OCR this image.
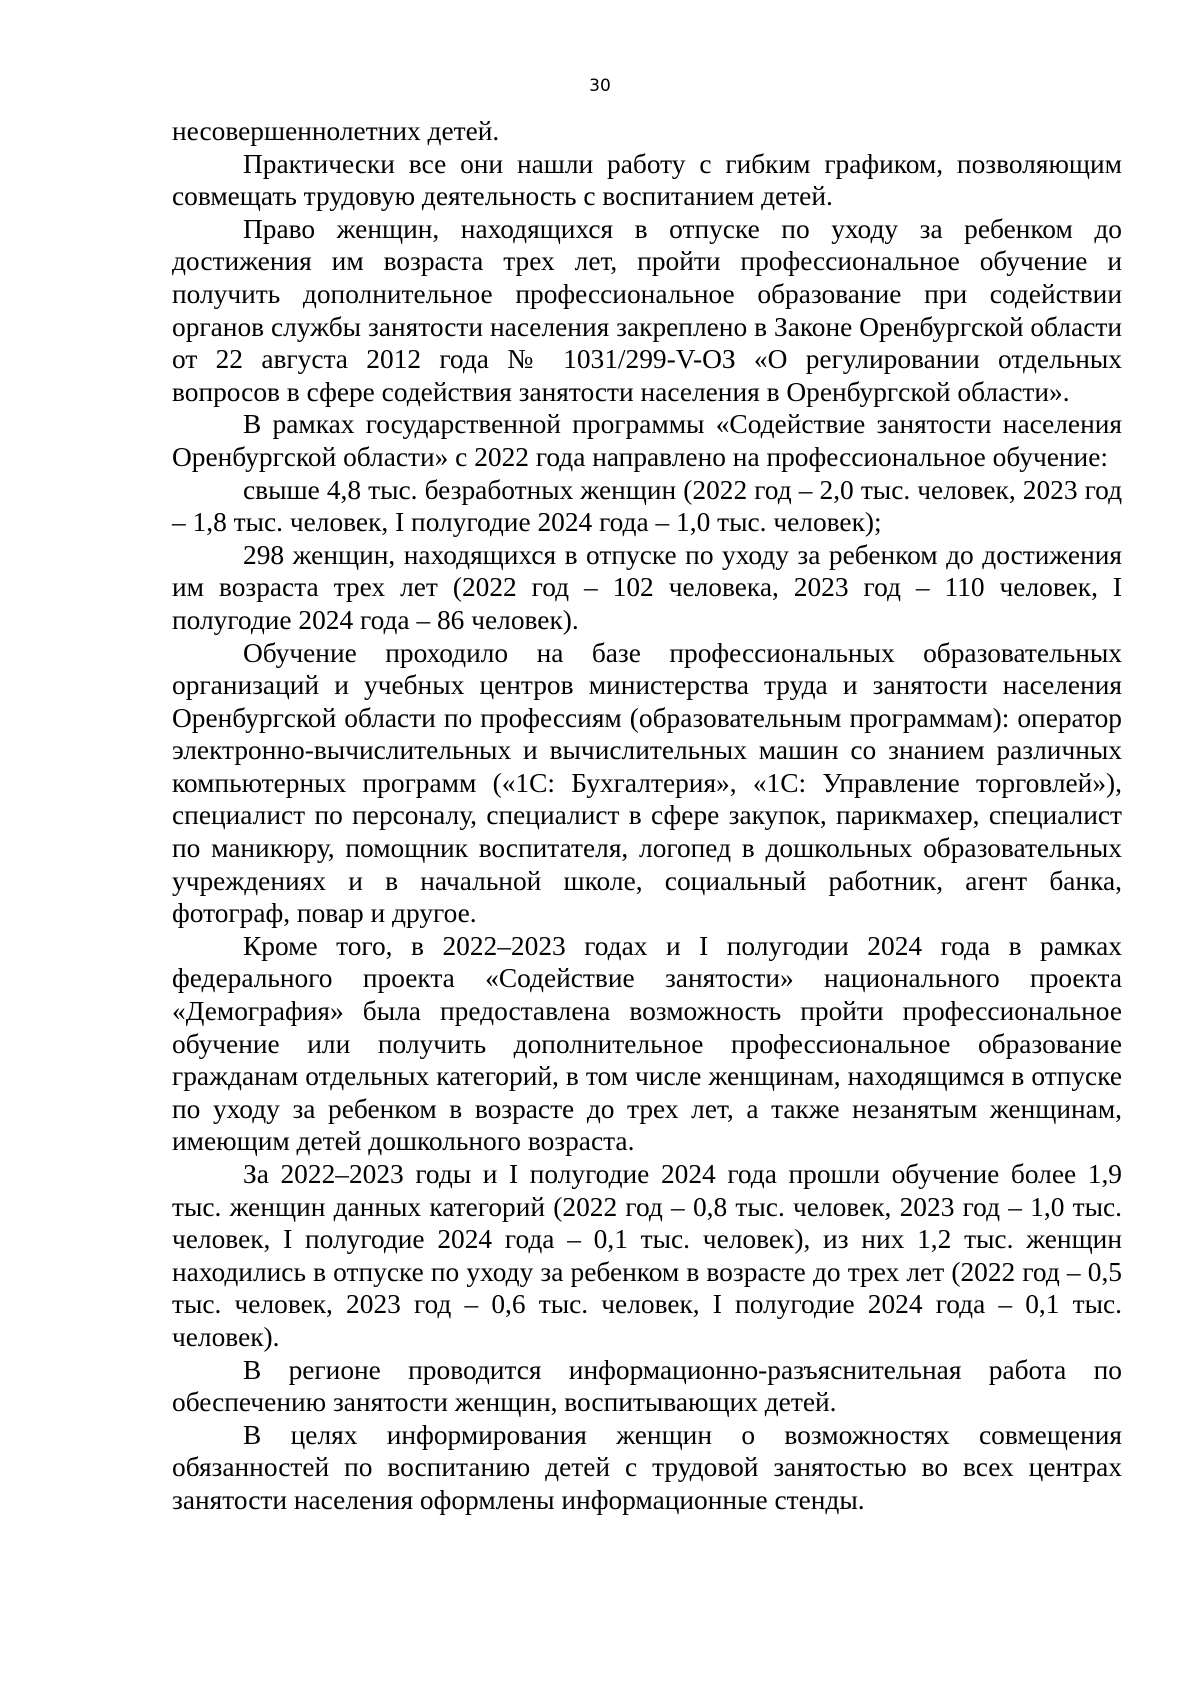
30

несовершеннолетних детей.

Практически все они нашли работу с гибким графиком, позволяющим совмещать трудовую деятельность с воспитанием детей.

Право женщин, находящихся в отпуске по уходу за ребенком до достижения им возраста трех лет, пройти профессиональное обучение и получить дополнительное профессиональное образование при содействии органов службы занятости населения закреплено в Законе Оренбургской области от 22 августа 2012 года № 1031/299-V-ОЗ «О регулировании отдельных вопросов в сфере содействия занятости населения в Оренбургской области».

В рамках государственной программы «Содействие занятости населения Оренбургской области» с 2022 года направлено на профессиональное обучение:

свыше 4,8 тыс. безработных женщин (2022 год – 2,0 тыс. человек, 2023 год – 1,8 тыс. человек, I полугодие 2024 года – 1,0 тыс. человек);

298 женщин, находящихся в отпуске по уходу за ребенком до достижения им возраста трех лет (2022 год – 102 человека, 2023 год – 110 человек, I полугодие 2024 года – 86 человек).

Обучение проходило на базе профессиональных образовательных организаций и учебных центров министерства труда и занятости населения Оренбургской области по профессиям (образовательным программам): оператор электронно-вычислительных и вычислительных машин со знанием различных компьютерных программ («1С: Бухгалтерия», «1С: Управление торговлей»), специалист по персоналу, специалист в сфере закупок, парикмахер, специалист по маникюру, помощник воспитателя, логопед в дошкольных образовательных учреждениях и в начальной школе, социальный работник, агент банка, фотограф, повар и другое.

Кроме того, в 2022–2023 годах и I полугодии 2024 года в рамках федерального проекта «Содействие занятости» национального проекта «Демография» была предоставлена возможность пройти профессиональное обучение или получить дополнительное профессиональное образование гражданам отдельных категорий, в том числе женщинам, находящимся в отпуске по уходу за ребенком в возрасте до трех лет, а также незанятым женщинам, имеющим детей дошкольного возраста.

За 2022–2023 годы и I полугодие 2024 года прошли обучение более 1,9 тыс. женщин данных категорий (2022 год – 0,8 тыс. человек, 2023 год – 1,0 тыс. человек, I полугодие 2024 года – 0,1 тыс. человек), из них 1,2 тыс. женщин находились в отпуске по уходу за ребенком в возрасте до трех лет (2022 год – 0,5 тыс. человек, 2023 год – 0,6 тыс. человек, I полугодие 2024 года – 0,1 тыс. человек).

В регионе проводится информационно-разъяснительная работа по обеспечению занятости женщин, воспитывающих детей.

В целях информирования женщин о возможностях совмещения обязанностей по воспитанию детей с трудовой занятостью во всех центрах занятости населения оформлены информационные стенды.
